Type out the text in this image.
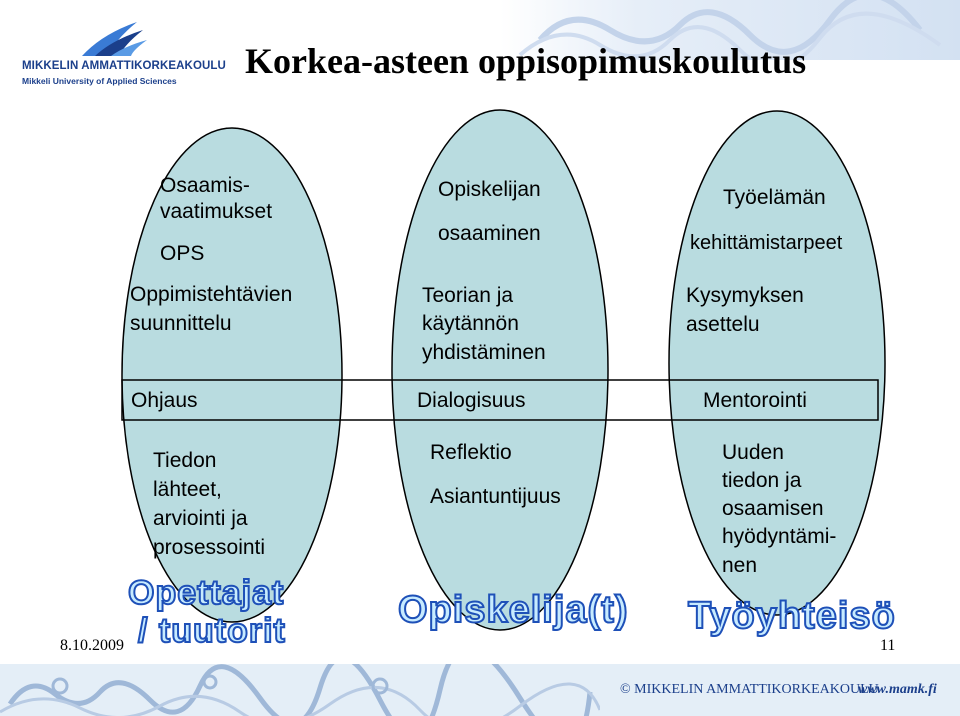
MIKKELIN AMMATTIKORKEAKOULU
Mikkeli University of Applied Sciences Korkea-asteen oppisopimuskoulutus
Osaamis-
vaatimukset
OPS
Oppimistehtävien
suunnittelu
Tiedon
lähteet,
arviointi ja
prosessointi
Opiskelijan
osaaminen
Teorian ja
käytännön
yhdistäminen
Reflektio
Asiantuntijuus
Työelämän
kehittämistarpeet
Kysymyksen
asettelu
Uuden
tiedon ja
osaamisen
hyödyntämi-
nen
Ohjaus	Dialogisuus	Mentorointi
Opettajat
/ tuutorit	Opiskelija(t) Työyhteisö
8.10.2009	11
© MIKKELIN AMMATTIKORKEAKOULU
www.mamk.fi
